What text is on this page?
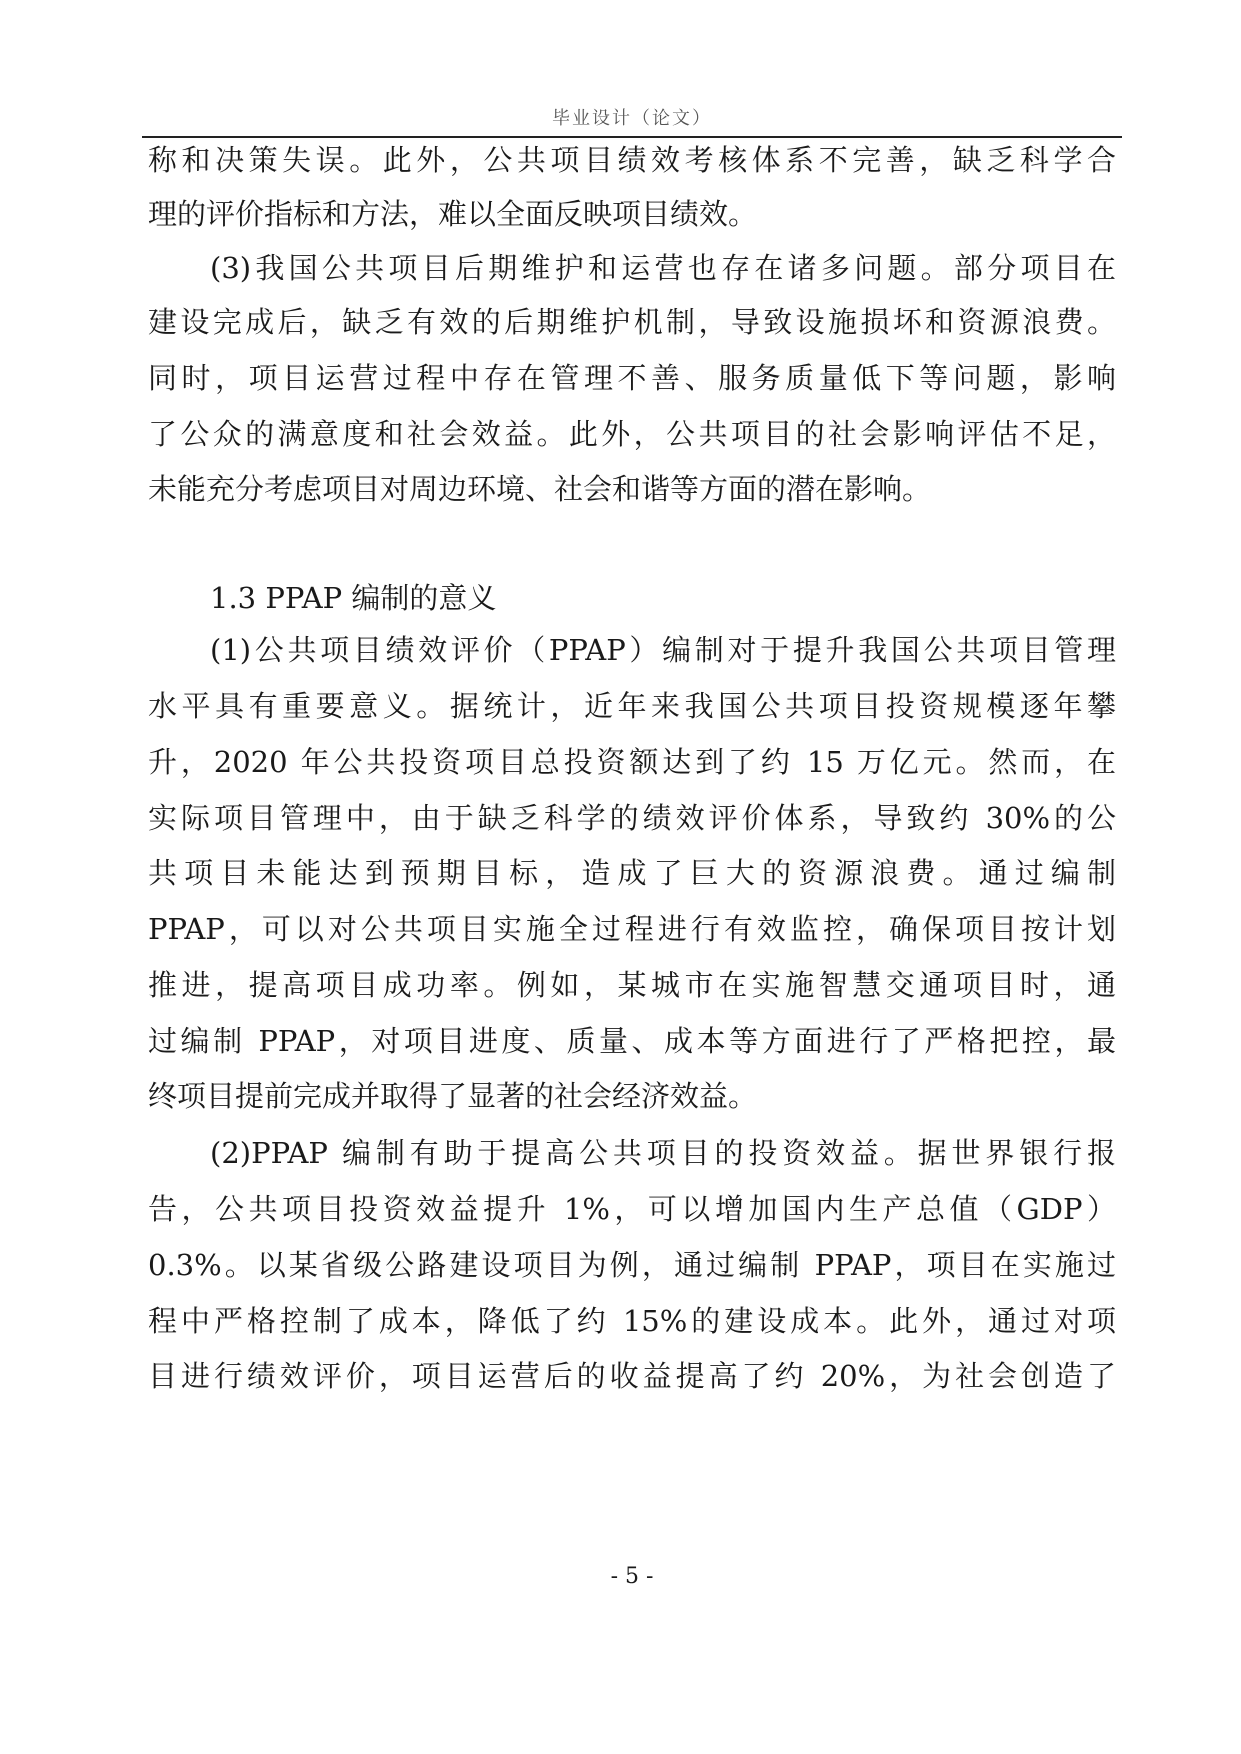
毕业设计（论文）
称和决策失误。此外，公共项目绩效考核体系不完善，缺乏科学合
理的评价指标和方法，难以全面反映项目绩效。
(3)我国公共项目后期维护和运营也存在诸多问题。部分项目在
建设完成后，缺乏有效的后期维护机制，导致设施损坏和资源浪费。
同时，项目运营过程中存在管理不善、服务质量低下等问题，影响
了公众的满意度和社会效益。此外，公共项目的社会影响评估不足，
未能充分考虑项目对周边环境、社会和谐等方面的潜在影响。
1.3 PPAP 编制的意义
(1)公共项目绩效评价（PPAP）编制对于提升我国公共项目管理
水平具有重要意义。据统计，近年来我国公共项目投资规模逐年攀
升，2020 年公共投资项目总投资额达到了约 15 万亿元。然而，在
实际项目管理中，由于缺乏科学的绩效评价体系，导致约 30%的公
共项目未能达到预期目标，造成了巨大的资源浪费。通过编制
PPAP，可以对公共项目实施全过程进行有效监控，确保项目按计划
推进，提高项目成功率。例如，某城市在实施智慧交通项目时，通
过编制 PPAP，对项目进度、质量、成本等方面进行了严格把控，最
终项目提前完成并取得了显著的社会经济效益。
(2)PPAP 编制有助于提高公共项目的投资效益。据世界银行报
告，公共项目投资效益提升 1%，可以增加国内生产总值（GDP）
0.3%。以某省级公路建设项目为例，通过编制 PPAP，项目在实施过
程中严格控制了成本，降低了约 15%的建设成本。此外，通过对项
目进行绩效评价，项目运营后的收益提高了约 20%，为社会创造了
- 5 -
